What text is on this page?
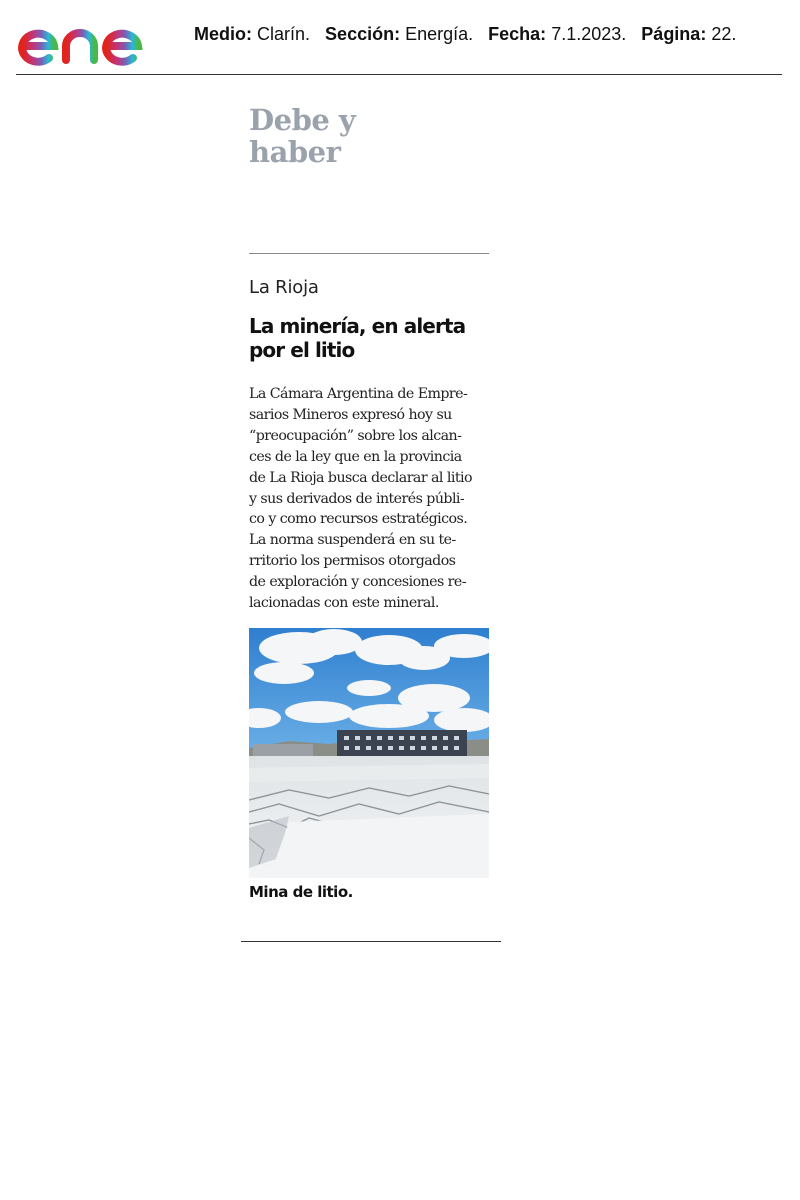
Medio: Clarín. Sección: Energía. Fecha: 7.1.2023. Página: 22.
Debe y haber
La Rioja
La minería, en alerta por el litio
La Cámara Argentina de Empre-
sarios Mineros expresó hoy su
“preocupación” sobre los alcan-
ces de la ley que en la provincia
de La Rioja busca declarar al litio
y sus derivados de interés públi-
co y como recursos estratégicos.
La norma suspenderá en su te-
rritorio los permisos otorgados
de exploración y concesiones re-
lacionadas con este mineral.
Mina de litio.
